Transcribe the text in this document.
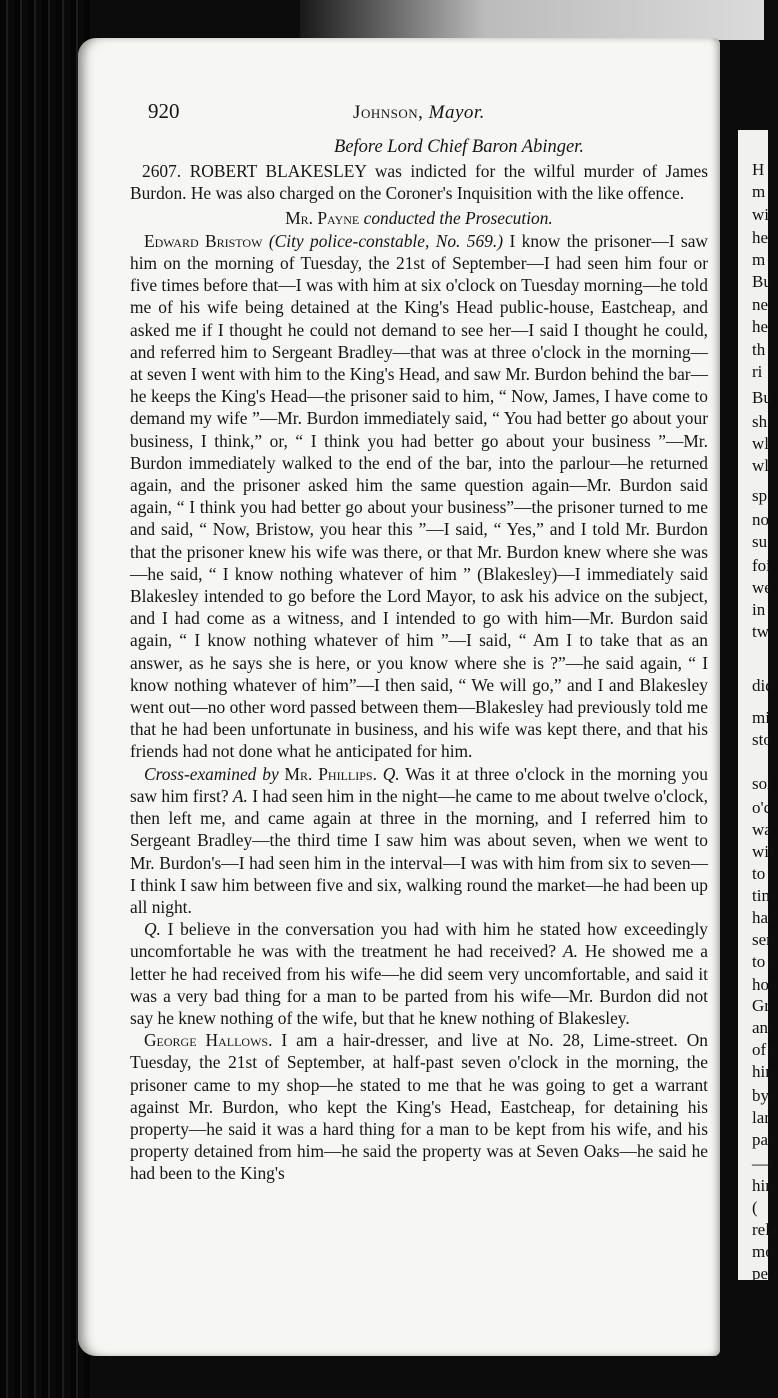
H
m
wi
he
m
Bu
ne
he
th
ri
Bu
sh
wl
wl
sp
no
su
foi
we
in
tw
did
mi
sto
soi
o'c
wa
wif
to
tim
hac
sen
to l
hou
Gr
anc
of t
hin
bye
lar
pas
—l
hin
(
rela
mo
peo
920	Johnson, Mayor.
Before Lord Chief Baron Abinger.

2607. ROBERT BLAKESLEY was indicted for the wilful murder of James Burdon. He was also charged on the Coroner's Inquisition with the like offence.

Mr. Payne conducted the Prosecution.

Edward Bristow (City police-constable, No. 569.) I know the prisoner—I saw him on the morning of Tuesday, the 21st of September—I had seen him four or five times before that—I was with him at six o'clock on Tuesday morning—he told me of his wife being detained at the King's Head public-house, Eastcheap, and asked me if I thought he could not demand to see her—I said I thought he could, and referred him to Sergeant Bradley—that was at three o'clock in the morning—at seven I went with him to the King's Head, and saw Mr. Burdon behind the bar—he keeps the King's Head—the prisoner said to him, “ Now, James, I have come to demand my wife ”—Mr. Burdon immediately said, “ You had better go about your business, I think,” or, “ I think you had better go about your business ”—Mr. Burdon immediately walked to the end of the bar, into the parlour—he returned again, and the prisoner asked him the same question again—Mr. Burdon said again, “ I think you had better go about your business”—the prisoner turned to me and said, “ Now, Bristow, you hear this ”—I said, “ Yes,” and I told Mr. Burdon that the prisoner knew his wife was there, or that Mr. Burdon knew where she was—he said, “ I know nothing whatever of him ” (Blakesley)—I immediately said Blakesley intended to go before the Lord Mayor, to ask his advice on the subject, and I had come as a witness, and I intended to go with him—Mr. Burdon said again, “ I know nothing whatever of him ”—I said, “ Am I to take that as an answer, as he says she is here, or you know where she is ?”—he said again, “ I know nothing whatever of him”—I then said, “ We will go,” and I and Blakesley went out—no other word passed between them—Blakesley had previously told me that he had been unfortunate in business, and his wife was kept there, and that his friends had not done what he anticipated for him.

Cross-examined by Mr. Phillips. Q. Was it at three o'clock in the morning you saw him first? A. I had seen him in the night—he came to me about twelve o'clock, then left me, and came again at three in the morning, and I referred him to Sergeant Bradley—the third time I saw him was about seven, when we went to Mr. Burdon's—I had seen him in the interval—I was with him from six to seven—I think I saw him between five and six, walking round the market—he had been up all night.

Q. I believe in the conversation you had with him he stated how exceedingly uncomfortable he was with the treatment he had received? A. He showed me a letter he had received from his wife—he did seem very uncomfortable, and said it was a very bad thing for a man to be parted from his wife—Mr. Burdon did not say he knew nothing of the wife, but that he knew nothing of Blakesley.

George Hallows. I am a hair-dresser, and live at No. 28, Lime-street. On Tuesday, the 21st of September, at half-past seven o'clock in the morning, the prisoner came to my shop—he stated to me that he was going to get a warrant against Mr. Burdon, who kept the King's Head, Eastcheap, for detaining his property—he said it was a hard thing for a man to be kept from his wife, and his property detained from him—he said the property was at Seven Oaks—he said he had been to the King's
